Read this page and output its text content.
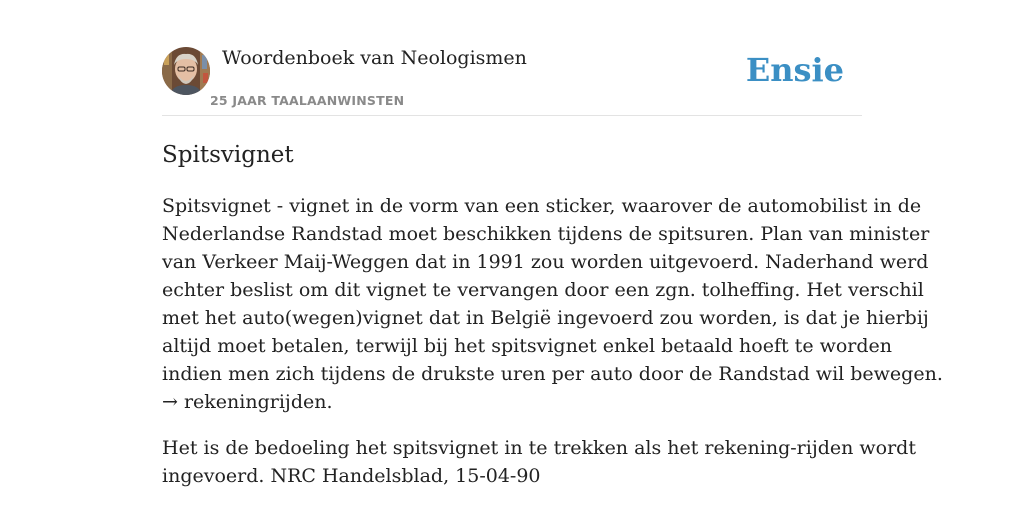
Woordenboek van Neologismen
25 JAAR TAALAANWINSTEN
Ensie
Spitsvignet

Spitsvignet - vignet in de vorm van een sticker, waarover de automobilist in de
Nederlandse Randstad moet beschikken tijdens de spitsuren. Plan van minister
van Verkeer Maij-Weggen dat in 1991 zou worden uitgevoerd. Naderhand werd
echter beslist om dit vignet te vervangen door een zgn. tolheffing. Het verschil
met het auto(wegen)vignet dat in België ingevoerd zou worden, is dat je hierbij
altijd moet betalen, terwijl bij het spitsvignet enkel betaald hoeft te worden
indien men zich tijdens de drukste uren per auto door de Randstad wil bewegen.
→ rekeningrijden.

Het is de bedoeling het spitsvignet in te trekken als het rekening-rijden wordt
ingevoerd. NRC Handelsblad, 15-04-90
